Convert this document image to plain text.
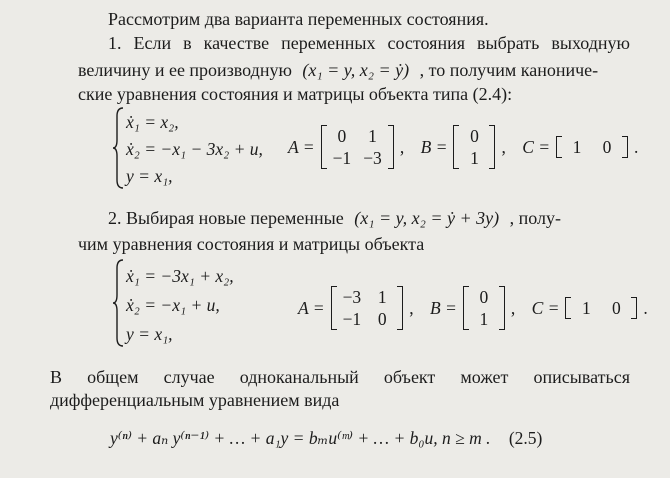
Рассмотрим два варианта переменных состояния.
1. Если в качестве переменных состояния выбрать выходную
величину и ее производную (x₁ = y, x₂ = ẏ) , то получим канониче-
ские уравнения состояния и матрицы объекта типа (2.4):
ẋ₁ = x₂,
ẋ₂ = −x₁ − 3x₂ + u,
y = x₁,
A =
0	1
−1	−3
,
B =
0
1
,
C = 1	0 .
2. Выбирая новые переменные (x₁ = y, x₂ = ẏ + 3y) , полу-
чим уравнения состояния и матрицы объекта
ẋ₁ = −3x₁ + x₂,
ẋ₂ = −x₁ + u,
y = x₁,
A =
−3	1
−1	0
,
B =
0
1
,
C = 1	0 .
В общем случае одноканальный объект может описываться
дифференциальным уравнением вида
y⁽ⁿ⁾ + aₙ y⁽ⁿ⁻¹⁾ + … + a₁y = bₘu⁽ᵐ⁾ + … + b₀u, n ≥ m . (2.5)
